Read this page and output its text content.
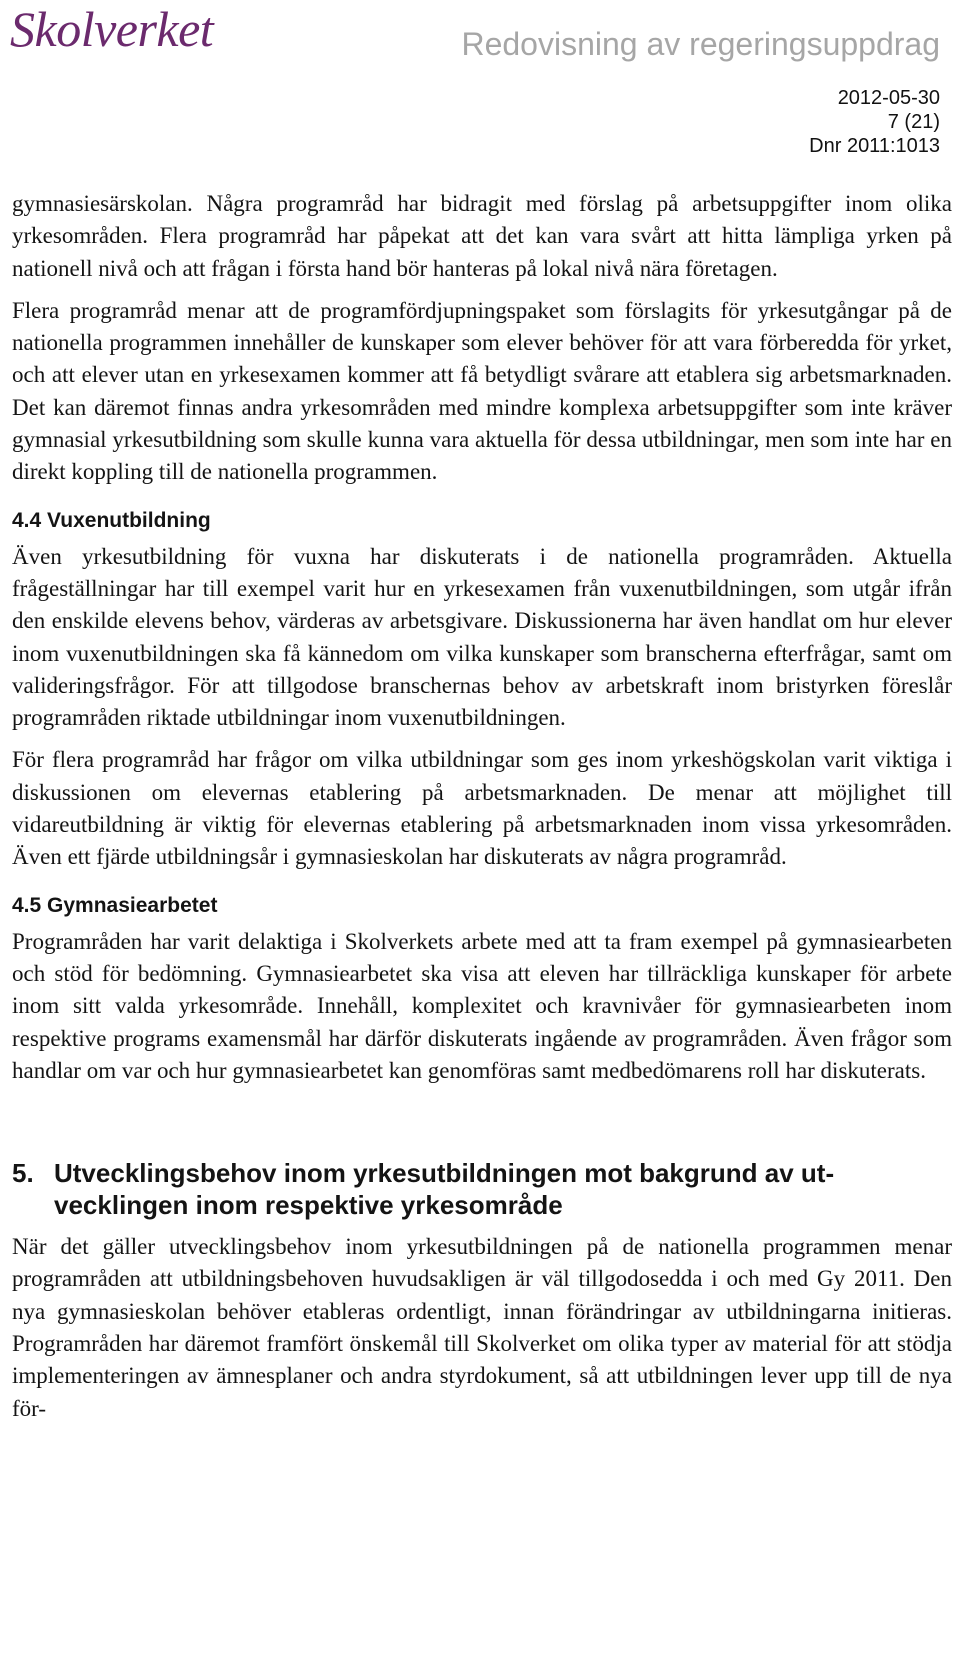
Skolverket	Redovisning av regeringsuppdrag
2012-05-30
7 (21)
Dnr 2011:1013

gymnasiesärskolan. Några programråd har bidragit med förslag på arbetsuppgifter inom olika yrkesområden. Flera programråd har påpekat att det kan vara svårt att hitta lämpliga yrken på nationell nivå och att frågan i första hand bör hanteras på lokal nivå nära företagen.

Flera programråd menar att de programfördjupningspaket som förslagits för yrkesutgångar på de nationella programmen innehåller de kunskaper som elever behöver för att vara förberedda för yrket, och att elever utan en yrkesexamen kommer att få betydligt svårare att etablera sig arbetsmarknaden. Det kan däremot finnas andra yrkesområden med mindre komplexa arbetsuppgifter som inte kräver gymnasial yrkesutbildning som skulle kunna vara aktuella för dessa utbildningar, men som inte har en direkt koppling till de nationella programmen.

4.4 Vuxenutbildning

Även yrkesutbildning för vuxna har diskuterats i de nationella programråden. Aktuella frågeställningar har till exempel varit hur en yrkesexamen från vuxenutbildningen, som utgår ifrån den enskilde elevens behov, värderas av arbetsgivare. Diskussionerna har även handlat om hur elever inom vuxenutbildningen ska få kännedom om vilka kunskaper som branscherna efterfrågar, samt om valideringsfrågor. För att tillgodose branschernas behov av arbetskraft inom bristyrken föreslår programråden riktade utbildningar inom vuxenutbildningen.

För flera programråd har frågor om vilka utbildningar som ges inom yrkeshögskolan varit viktiga i diskussionen om elevernas etablering på arbetsmarknaden. De menar att möjlighet till vidareutbildning är viktig för elevernas etablering på arbetsmarknaden inom vissa yrkesområden. Även ett fjärde utbildningsår i gymnasieskolan har diskuterats av några programråd.

4.5 Gymnasiearbetet

Programråden har varit delaktiga i Skolverkets arbete med att ta fram exempel på gymnasiearbeten och stöd för bedömning. Gymnasiearbetet ska visa att eleven har tillräckliga kunskaper för arbete inom sitt valda yrkesområde. Innehåll, komplexitet och kravnivåer för gymnasiearbeten inom respektive programs examensmål har därför diskuterats ingående av programråden. Även frågor som handlar om var och hur gymnasiearbetet kan genomföras samt medbedömarens roll har diskuterats.

5. Utvecklingsbehov inom yrkesutbildningen mot bakgrund av utvecklingen inom respektive yrkesområde

När det gäller utvecklingsbehov inom yrkesutbildningen på de nationella programmen menar programråden att utbildningsbehoven huvudsakligen är väl tillgodosedda i och med Gy 2011. Den nya gymnasieskolan behöver etableras ordentligt, innan förändringar av utbildningarna initieras. Programråden har däremot framfört önskemål till Skolverket om olika typer av material för att stödja implementeringen av ämnesplaner och andra styrdokument, så att utbildningen lever upp till de nya för-
